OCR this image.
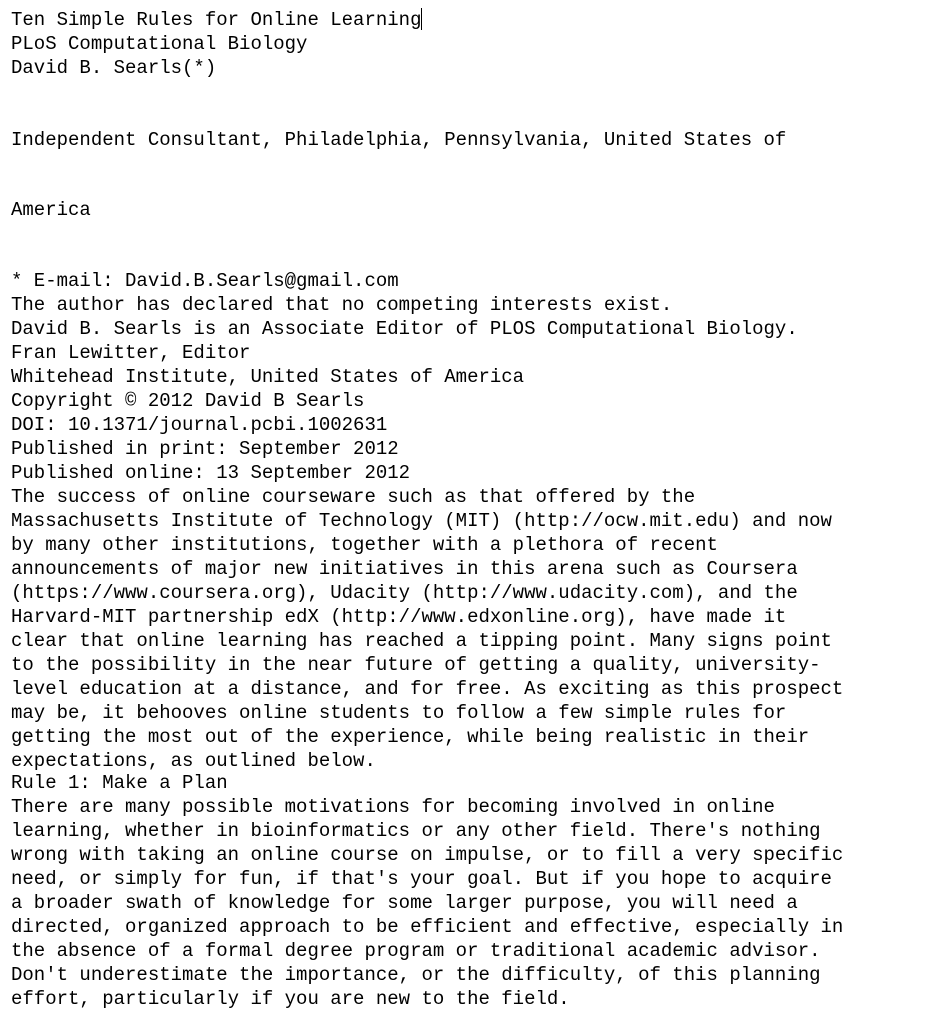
Ten Simple Rules for Online Learning
PLoS Computational Biology
David B. Searls(*)

Independent Consultant, Philadelphia, Pennsylvania, United States of

America

* E-mail: David.B.Searls@gmail.com
The author has declared that no competing interests exist.
David B. Searls is an Associate Editor of PLOS Computational Biology.
Fran Lewitter, Editor
Whitehead Institute, United States of America
Copyright © 2012 David B Searls
DOI: 10.1371/journal.pcbi.1002631
Published in print: September 2012
Published online: 13 September 2012
The success of online courseware such as that offered by the
Massachusetts Institute of Technology (MIT) (http://ocw.mit.edu) and now
by many other institutions, together with a plethora of recent
announcements of major new initiatives in this arena such as Coursera
(https://www.coursera.org), Udacity (http://www.udacity.com), and the
Harvard-MIT partnership edX (http://www.edxonline.org), have made it
clear that online learning has reached a tipping point. Many signs point
to the possibility in the near future of getting a quality, university-
level education at a distance, and for free. As exciting as this prospect
may be, it behooves online students to follow a few simple rules for
getting the most out of the experience, while being realistic in their
expectations, as outlined below.
Rule 1: Make a Plan
There are many possible motivations for becoming involved in online
learning, whether in bioinformatics or any other field. There's nothing
wrong with taking an online course on impulse, or to fill a very specific
need, or simply for fun, if that's your goal. But if you hope to acquire
a broader swath of knowledge for some larger purpose, you will need a
directed, organized approach to be efficient and effective, especially in
the absence of a formal degree program or traditional academic advisor.
Don't underestimate the importance, or the difficulty, of this planning
effort, particularly if you are new to the field.
